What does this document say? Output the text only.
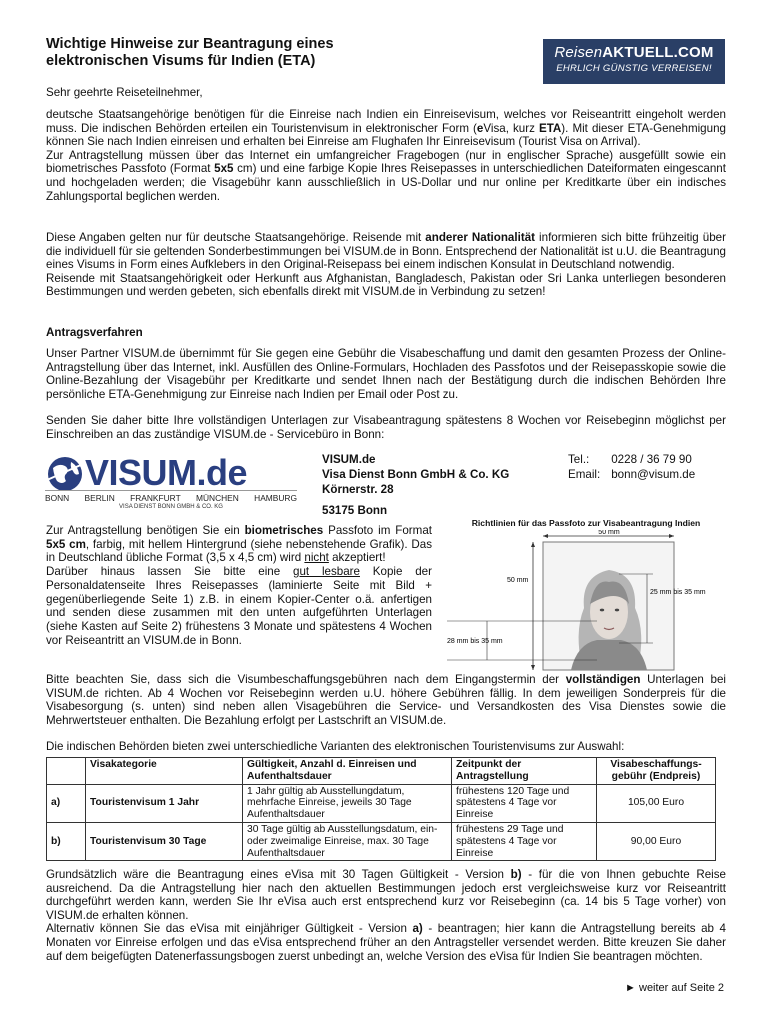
Wichtige Hinweise zur Beantragung eines
elektronischen Visums für Indien (ETA)	ReisenAKTUELL.COM
EHRLICH GÜNSTIG VERREISEN!
Sehr geehrte Reiseteilnehmer,

deutsche Staatsangehörige benötigen für die Einreise nach Indien ein Einreisevisum, welches vor Reiseantritt eingeholt werden muss. Die indischen Behörden erteilen ein Touristenvisum in elektronischer Form (eVisa, kurz ETA). Mit dieser ETA-Genehmigung können Sie nach Indien einreisen und erhalten bei Einreise am Flughafen Ihr Einreisevisum (Tourist Visa on Arrival).

Zur Antragstellung müssen über das Internet ein umfangreicher Fragebogen (nur in englischer Sprache) ausgefüllt sowie ein biometrisches Passfoto (Format 5x5 cm) und eine farbige Kopie Ihres Reisepasses in unterschiedlichen Dateiformaten eingescannt und hochgeladen werden; die Visagebühr kann ausschließlich in US-Dollar und nur online per Kreditkarte über ein indisches Zahlungsportal beglichen werden.

Diese Angaben gelten nur für deutsche Staatsangehörige. Reisende mit anderer Nationalität informieren sich bitte frühzeitig über die individuell für sie geltenden Sonderbestimmungen bei VISUM.de in Bonn. Entsprechend der Nationalität ist u.U. die Beantragung eines Visums in Form eines Aufklebers in den Original-Reisepass bei einem indischen Konsulat in Deutschland notwendig.

Reisende mit Staatsangehörigkeit oder Herkunft aus Afghanistan, Bangladesch, Pakistan oder Sri Lanka unterliegen besonderen Bestimmungen und werden gebeten, sich ebenfalls direkt mit VISUM.de in Verbindung zu setzen!

Antragsverfahren

Unser Partner VISUM.de übernimmt für Sie gegen eine Gebühr die Visabeschaffung und damit den gesamten Prozess der Online-Antragstellung über das Internet, inkl. Ausfüllen des Online-Formulars, Hochladen des Passfotos und der Reisepasskopie sowie die Online-Bezahlung der Visagebühr per Kreditkarte und sendet Ihnen nach der Bestätigung durch die indischen Behörden Ihre persönliche ETA-Genehmigung zur Einreise nach Indien per Email oder Post zu.

Senden Sie daher bitte Ihre vollständigen Unterlagen zur Visabeantragung spätestens 8 Wochen vor Reisebeginn möglichst per Einschreiben an das zuständige VISUM.de - Servicebüro in Bonn:

VISUM.de
BONN BERLIN FRANKFURT MÜNCHEN HAMBURG
VISA DIENST BONN GMBH & CO. KG
VISUM.de
Visa Dienst Bonn GmbH & Co. KG
Körnerstr. 28
53175 Bonn
Tel.: 0228 / 36 79 90
Email: bonn@visum.de

Zur Antragstellung benötigen Sie ein biometrisches Passfoto im Format 5x5 cm, farbig, mit hellem Hintergrund (siehe nebenstehende Grafik). Das in Deutschland übliche Format (3,5 x 4,5 cm) wird nicht akzeptiert!

Darüber hinaus lassen Sie bitte eine gut lesbare Kopie der Personaldatenseite Ihres Reisepasses (laminierte Seite mit Bild + gegenüberliegende Seite 1) z.B. in einem Kopier-Center o.ä. anfertigen und senden diese zusammen mit den unten aufgeführten Unterlagen (siehe Kasten auf Seite 2) frühestens 3 Monate und spätestens 4 Wochen vor Reiseantritt an VISUM.de in Bonn.

Richtlinien für das Passfoto zur Visabeantragung Indien
50 mm
50 mm
25 mm bis 35 mm
28 mm bis 35 mm

Bitte beachten Sie, dass sich die Visumbeschaffungsgebühren nach dem Eingangstermin der vollständigen Unterlagen bei VISUM.de richten. Ab 4 Wochen vor Reisebeginn werden u.U. höhere Gebühren fällig. In dem jeweiligen Sonderpreis für die Visabesorgung (s. unten) sind neben allen Visagebühren die Service- und Versandkosten des Visa Dienstes sowie die Mehrwertsteuer enthalten. Die Bezahlung erfolgt per Lastschrift an VISUM.de.

Die indischen Behörden bieten zwei unterschiedliche Varianten des elektronischen Touristenvisums zur Auswahl:

	Visakategorie	Gültigkeit, Anzahl d. Einreisen und Aufenthaltsdauer	Zeitpunkt der Antragstellung	Visabeschaffungs-gebühr (Endpreis)
a)	Touristenvisum 1 Jahr	1 Jahr gültig ab Ausstellungdatum, mehrfache Einreise, jeweils 30 Tage Aufenthaltsdauer	frühestens 120 Tage und spätestens 4 Tage vor Einreise	105,00 Euro
b)	Touristenvisum 30 Tage	30 Tage gültig ab Ausstellungsdatum, ein- oder zweimalige Einreise, max. 30 Tage Aufenthaltsdauer	frühestens 29 Tage und spätestens 4 Tage vor Einreise	90,00 Euro

Grundsätzlich wäre die Beantragung eines eVisa mit 30 Tagen Gültigkeit - Version b) - für die von Ihnen gebuchte Reise ausreichend. Da die Antragstellung hier nach den aktuellen Bestimmungen jedoch erst vergleichsweise kurz vor Reiseantritt durchgeführt werden kann, werden Sie Ihr eVisa auch erst entsprechend kurz vor Reisebeginn (ca. 14 bis 5 Tage vorher) von VISUM.de erhalten können.

Alternativ können Sie das eVisa mit einjähriger Gültigkeit - Version a) - beantragen; hier kann die Antragstellung bereits ab 4 Monaten vor Einreise erfolgen und das eVisa entsprechend früher an den Antragsteller versendet werden. Bitte kreuzen Sie daher auf dem beigefügten Datenerfassungsbogen zuerst unbedingt an, welche Version des eVisa für Indien Sie beantragen möchten.

► weiter auf Seite 2
